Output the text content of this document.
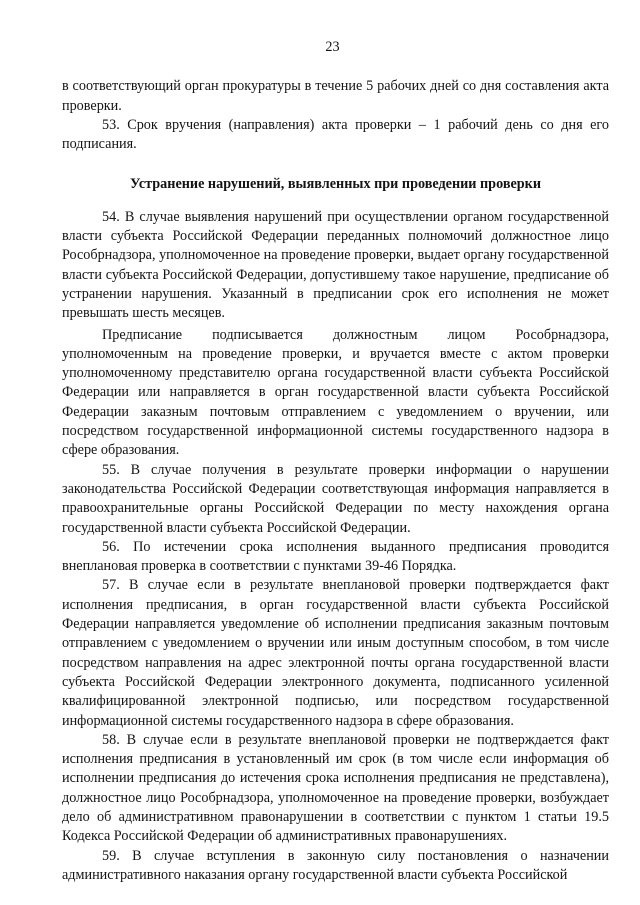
23

в соответствующий орган прокуратуры в течение 5 рабочих дней со дня составления акта проверки.

53. Срок вручения (направления) акта проверки – 1 рабочий день со дня его подписания.

Устранение нарушений, выявленных при проведении проверки

54. В случае выявления нарушений при осуществлении органом государственной власти субъекта Российской Федерации переданных полномочий должностное лицо Рособрнадзора, уполномоченное на проведение проверки, выдает органу государственной власти субъекта Российской Федерации, допустившему такое нарушение, предписание об устранении нарушения. Указанный в предписании срок его исполнения не может превышать шесть месяцев.

Предписание подписывается должностным лицом Рособрнадзора, уполномоченным на проведение проверки, и вручается вместе с актом проверки уполномоченному представителю органа государственной власти субъекта Российской Федерации или направляется в орган государственной власти субъекта Российской Федерации заказным почтовым отправлением с уведомлением о вручении, или посредством государственной информационной системы государственного надзора в сфере образования.

55. В случае получения в результате проверки информации о нарушении законодательства Российской Федерации соответствующая информация направляется в правоохранительные органы Российской Федерации по месту нахождения органа государственной власти субъекта Российской Федерации.

56. По истечении срока исполнения выданного предписания проводится внеплановая проверка в соответствии с пунктами 39-46 Порядка.

57. В случае если в результате внеплановой проверки подтверждается факт исполнения предписания, в орган государственной власти субъекта Российской Федерации направляется уведомление об исполнении предписания заказным почтовым отправлением с уведомлением о вручении или иным доступным способом, в том числе посредством направления на адрес электронной почты органа государственной власти субъекта Российской Федерации электронного документа, подписанного усиленной квалифицированной электронной подписью, или посредством государственной информационной системы государственного надзора в сфере образования.

58. В случае если в результате внеплановой проверки не подтверждается факт исполнения предписания в установленный им срок (в том числе если информация об исполнении предписания до истечения срока исполнения предписания не представлена), должностное лицо Рособрнадзора, уполномоченное на проведение проверки, возбуждает дело об административном правонарушении в соответствии с пунктом 1 статьи 19.5 Кодекса Российской Федерации об административных правонарушениях.

59. В случае вступления в законную силу постановления о назначении административного наказания органу государственной власти субъекта Российской
